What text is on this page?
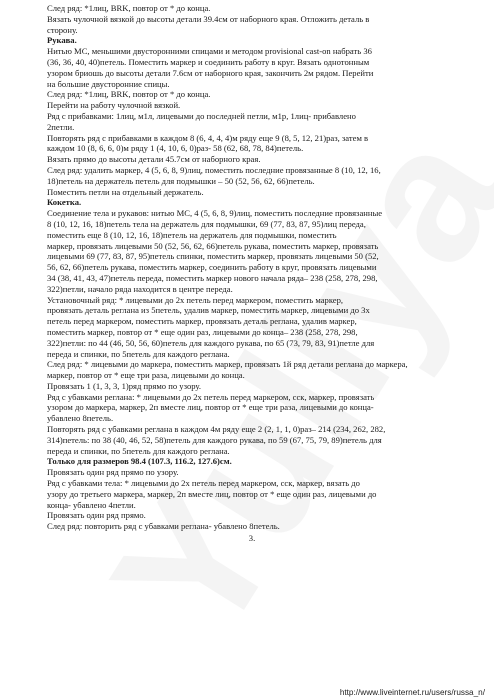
След ряд: *1лиц, BRK, повтор от * до конца.

Вязать чулочной вязкой до высоты детали 39.4см от наборного края. Отложить деталь в

сторону.

Рукава.

Нитью МС, меньшими двусторонними спицами и методом provisional cast-on набрать 36

(36, 36, 40, 40)петель. Поместить маркер и соединить работу в круг. Вязать однотонным

узором бриошь до высоты детали 7.6см от наборного края, закончить 2м рядом. Перейти

на большие двусторонние спицы.

След ряд: *1лиц, BRK, повтор от * до конца.

Перейти на работу чулочной вязкой.

Ряд с прибавками: 1лиц, м1л, лицевыми до последней петли, м1р, 1лиц- прибавлено

2петли.

Повторять ряд с прибавками в каждом 8 (6, 4, 4, 4)м ряду еще 9 (8, 5, 12, 21)раз, затем в

каждом 10 (8, 6, 6, 0)м ряду 1 (4, 10, 6, 0)раз- 58 (62, 68, 78, 84)петель.

Вязать прямо до высоты детали 45.7см от наборного края.

След ряд: удалить маркер, 4 (5, 6, 8, 9)лиц, поместить последние провязанные 8 (10, 12, 16,

18)петель на держатель петель для подмышки – 50 (52, 56, 62, 66)петель.

Поместить петли на отдельный держатель.

Кокетка.

Соединение тела и рукавов: нитью МС, 4 (5, 6, 8, 9)лиц, поместить последние провязанные

8 (10, 12, 16, 18)петель тела на держатель для подмышки, 69 (77, 83, 87, 95)лиц переда,

поместить еще 8 (10, 12, 16, 18)петель на держатель для подмышки, поместить

маркер, провязать лицевыми 50 (52, 56, 62, 66)петель рукава, поместить маркер, провязать

лицевыми 69 (77, 83, 87, 95)петель спинки, поместить маркер, провязать лицевыми 50 (52,

56, 62, 66)петель рукава, поместить маркер, соединить работу в круг, провязать лицевыми

34 (38, 41, 43, 47)петель переда, поместить маркер нового начала ряда– 238 (258, 278, 298,

322)петли, начало ряда находится в центре переда.

Установочный ряд: * лицевыми до 2х петель перед маркером, поместить маркер,

провязать деталь реглана из 5петель, удалив маркер, поместить маркер, лицевыми до 3х

петель перед маркером, поместить маркер, провязать деталь реглана, удалив маркер,

поместить маркер, повтор от * еще один раз, лицевыми до конца– 238 (258, 278, 298,

322)петли: по 44 (46, 50, 56, 60)петель для каждого рукава, по 65 (73, 79, 83, 91)петле для

переда и спинки, по 5петель для каждого реглана.

След ряд: * лицевыми до маркера, поместить маркер, провязать 1й ряд детали реглана до маркера,

маркер, повтор от * еще три раза, лицевыми до конца.

Провязать 1 (1, 3, 3, 1)ряд прямо по узору.

Ряд с убавками реглана: * лицевыми до 2х петель перед маркером, сск, маркер, провязать

узором до маркера, маркер, 2п вместе лиц, повтор от * еще три раза, лицевыми до конца-

убавлено 8петель.

Повторять ряд с убавками реглана в каждом 4м ряду еще 2 (2, 1, 1, 0)раз– 214 (234, 262, 282,

314)петель: по 38 (40, 46, 52, 58)петель для каждого рукава, по 59 (67, 75, 79, 89)петель для

переда и спинки, по 5петель для каждого реглана.

Только для размеров 98.4 (107.3, 116.2, 127.6)см.

Провязать один ряд прямо по узору.

Ряд с убавками тела: * лицевыми до 2х петель перед маркером, сск, маркер, вязать до

узору до третьего маркера, маркер, 2п вместе лиц, повтор от * еще один раз, лицевыми до

конца- убавлено 4петли.

Провязать один ряд прямо.

След ряд: повторить ряд с убавками реглана- убавлено 8петель.

3.

http://www.liveinternet.ru/users/russa_n/
